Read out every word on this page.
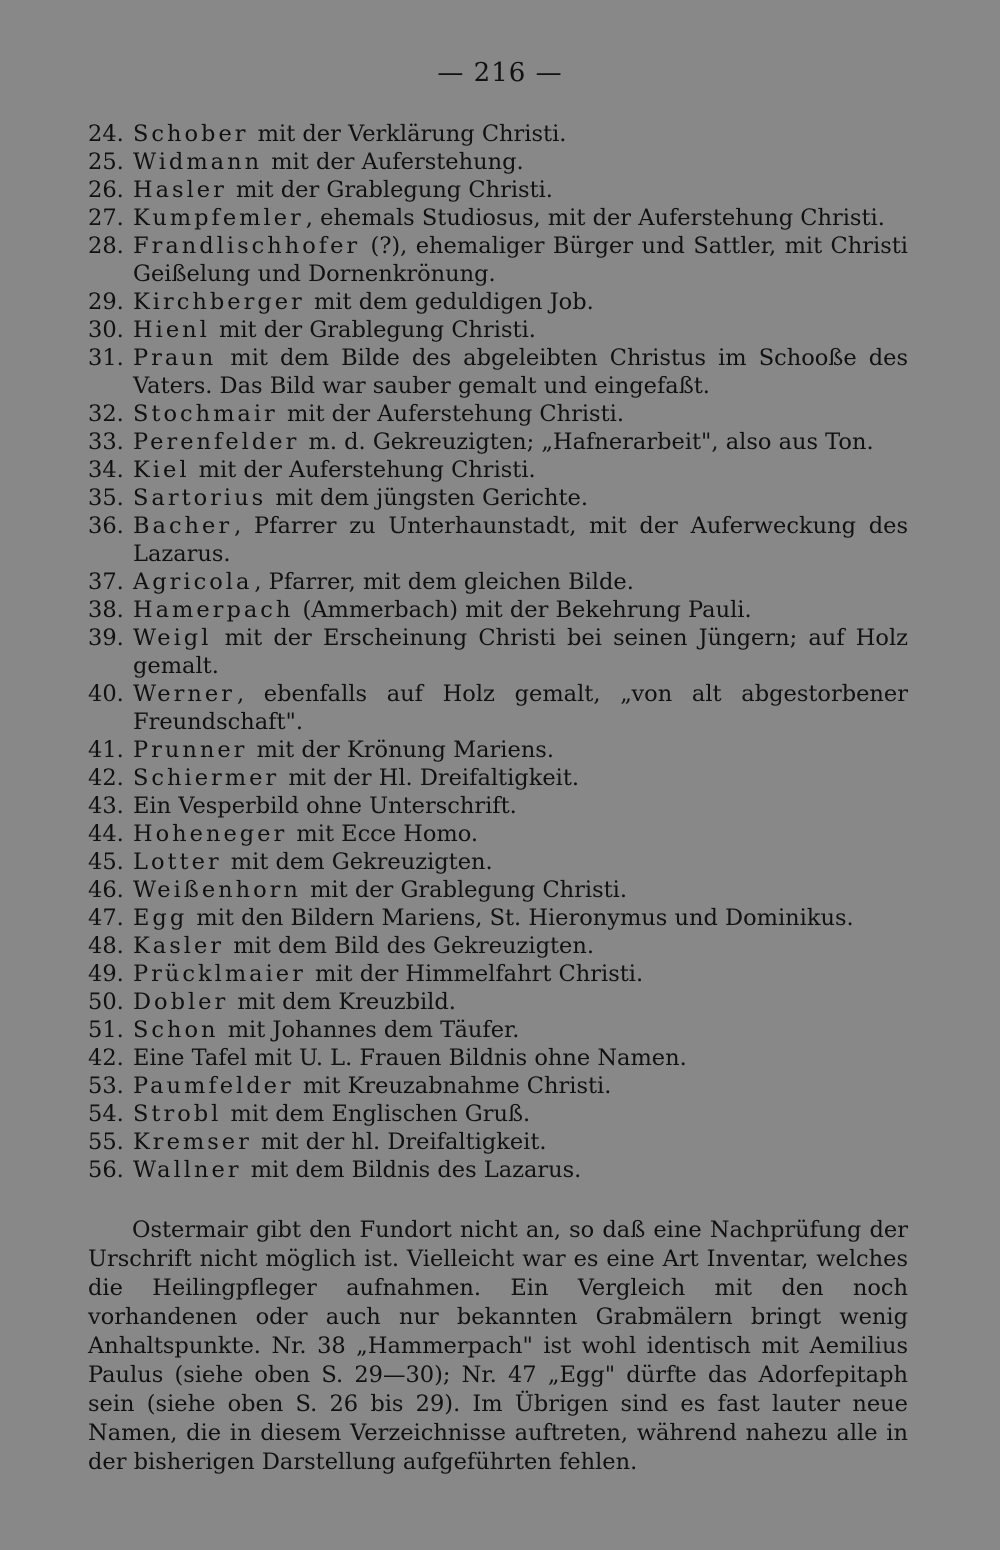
— 216 —
24. Schober mit der Verklärung Christi.
25. Widmann mit der Auferstehung.
26. Hasler mit der Grablegung Christi.
27. Kumpfemler, ehemals Studiosus, mit der Auferstehung Christi.
28. Frandlischhofer (?), ehemaliger Bürger und Sattler, mit Christi Geißelung und Dornenkrönung.
29. Kirchberger mit dem geduldigen Job.
30. Hienl mit der Grablegung Christi.
31. Praun mit dem Bilde des abgeleibten Christus im Schooße des Vaters. Das Bild war sauber gemalt und eingefaßt.
32. Stochmair mit der Auferstehung Christi.
33. Perenfelder m. d. Gekreuzigten; „Hafnerarbeit", also aus Ton.
34. Kiel mit der Auferstehung Christi.
35. Sartorius mit dem jüngsten Gerichte.
36. Bacher, Pfarrer zu Unterhaunstadt, mit der Auferweckung des Lazarus.
37. Agricola, Pfarrer, mit dem gleichen Bilde.
38. Hamerpach (Ammerbach) mit der Bekehrung Pauli.
39. Weigl mit der Erscheinung Christi bei seinen Jüngern; auf Holz gemalt.
40. Werner, ebenfalls auf Holz gemalt, „von alt abgestorbener Freundschaft".
41. Prunner mit der Krönung Mariens.
42. Schiermer mit der Hl. Dreifaltigkeit.
43. Ein Vesperbild ohne Unterschrift.
44. Hoheneger mit Ecce Homo.
45. Lotter mit dem Gekreuzigten.
46. Weißenhorn mit der Grablegung Christi.
47. Egg mit den Bildern Mariens, St. Hieronymus und Dominikus.
48. Kasler mit dem Bild des Gekreuzigten.
49. Prücklmaier mit der Himmelfahrt Christi.
50. Dobler mit dem Kreuzbild.
51. Schon mit Johannes dem Täufer.
42. Eine Tafel mit U. L. Frauen Bildnis ohne Namen.
53. Paumfelder mit Kreuzabnahme Christi.
54. Strobl mit dem Englischen Gruß.
55. Kremser mit der hl. Dreifaltigkeit.
56. Wallner mit dem Bildnis des Lazarus.

Ostermair gibt den Fundort nicht an, so daß eine Nachprüfung der Urschrift nicht möglich ist. Vielleicht war es eine Art Inventar, welches die Heilingpfleger aufnahmen. Ein Vergleich mit den noch vorhandenen oder auch nur bekannten Grabmälern bringt wenig Anhaltspunkte. Nr. 38 „Hammerpach" ist wohl identisch mit Aemilius Paulus (siehe oben S. 29—30); Nr. 47 „Egg" dürfte das Adorfepitaph sein (siehe oben S. 26 bis 29). Im Übrigen sind es fast lauter neue Namen, die in diesem Verzeichnisse auftreten, während nahezu alle in der bisherigen Darstellung aufgeführten fehlen.
